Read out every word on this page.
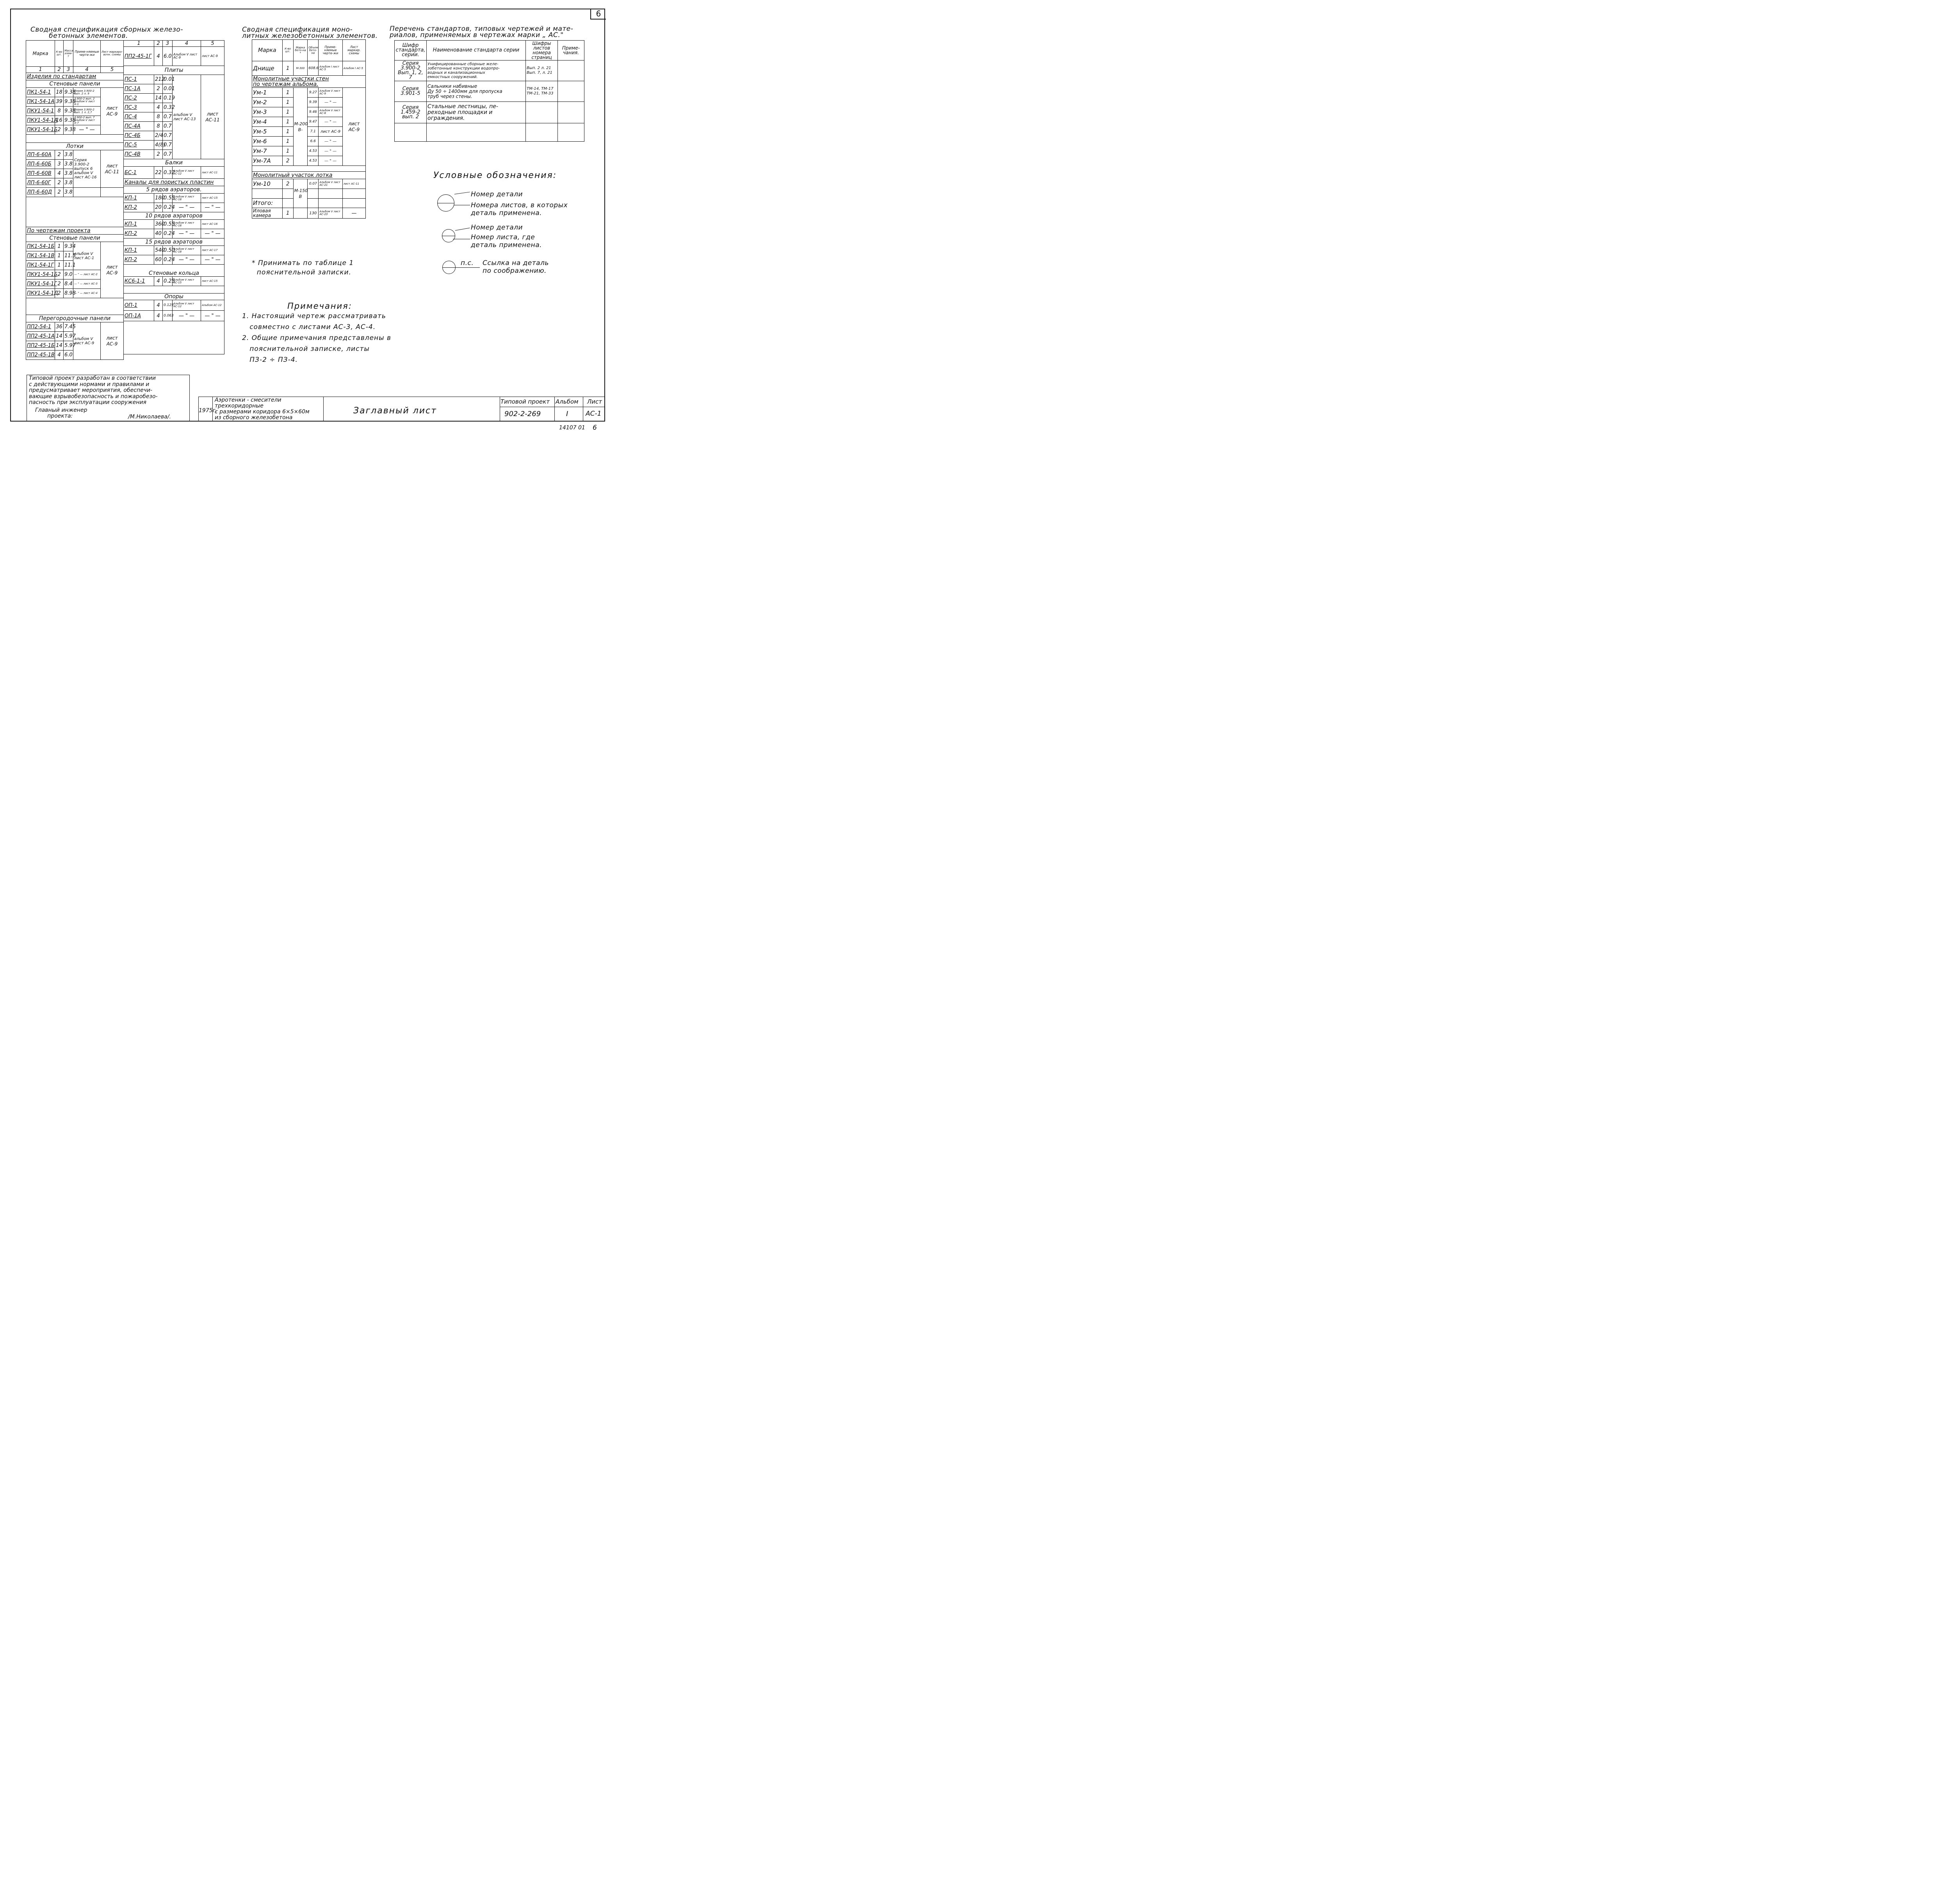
6
Сводная спецификация сборных железо-
бетонных элементов.
Марка	К-во шт.	Масса элем-т	Приме-няемые черте-жи	Лист маркиро-вочн. схемы
1	2	3	4	5
Изделия по стандартам				
Стеновые панели				
ПК1-54-1	18	9.38	Серия 3.900-2 вып. 2 л. 9	лист АС-9
ПК1-54-1А	39	9.38	3.900-2 вып. 2 альбом V лист А-1	
ПКУ1-54-1	8	9.38	Серия 3.900-2 вып. 1 л. 2,7	
ПКУ1-54-1А	16	9.38	3.900-2 вып. 7 альбом V лист А-7	
ПКУ1-54-1Б	2	9.38	— " —	

Лотки				
ЛП-6-60А	2	3.8	Серия 3.900-2 выпуск 6 альбом V лист АС-16	лист АС-11
ЛП-6-60Б	3	3.8		
ЛП-6-60В	4	3.8		
ЛП-6-60Г	2	3.8		
ЛП-6-60Д	2	3.8		

По чертежам проекта				
Стеновые панели				
ПК1-54-1Б	1	9.34	альбом V лист АС-1	лист АС-9
ПК1-54-1В	1	11.5		
ПК1-54-1Г	1	11.1		
ПКУ1-54-1Б	2	9.0	— " — лист АС-2	
ПКУ1-54-1Г	2	8.4	— " — лист АС-3	
ПКУ1-54-1Д	2	8.98	— " — лист АС-4	

Перегородочные панели				
ПП2-54-1	36	7.45	альбом V лист АС-9	лист АС-9
ПП2-45-1А	14	5.97		
ПП2-45-1Б	14	5.97		
ПП2-45-1В	4	6.0		
1	2	3	4	5
ПП2-45-1Г	4	6.0	Альбом V лист АС-9	лист АС-9
Плиты				
ПС-1	212	0.01	альбом V лист АС-13	лист АС-11
ПС-1А	2	0.01		
ПС-2	14	0.19		
ПС-3	4	0.32		
ПС-4	8	0.7		
ПС-4А	8	0.7		
ПС-4Б	2/4	0.7		
ПС-5	4(8)	0.7		
ПС-4В	2	0.7		
Балки				
БС-1	22	0.32	Альбом V лист АС-12	лист АС-11
Каналы для пористых пластин				
5 рядов аэраторов.				
КП-1	180	0.55	Альбом V лист АС-18	лист АС-15
КП-2	20	0.24	— " —	— " —
10 рядов аэраторов				
КП-1	360	0.55	Альбом V лист АС-18	лист АС-16
КП-2	40	0.24	— " —	— " —
15 рядов аэраторов				
КП-1	540	0.50	Альбом V лист АС-18	лист АС-17
КП-2	60	0.24	— " —	— " —
Стеновые кольца				
КС6-1-1	4	0.25	Альбом V лист АС-15	лист АС-15

Опоры				
ОП-1	4	0.125	Альбом V лист АС-12	Альбом АС-12
ОП-1А	4	0.063	— " —	— " —

Сводная спецификация моно-
литных железобетонных элементов.
Марка	К-во шт.	Марка бето-на *	Объем бето-на	Приме-няемые черте-жи	Лист маркир. схемы
Днище	1	М-300	608.6	Альбом I лист АС-5	Альбом I АС-5
Монолитные участки стен
по чертежам альбома.					
Ум-1	1	М-200 В-	9.27	Альбом V лист АС-9	лист АС-9
Ум-2	1		9.39	— " —	
Ум-3	1		9.46	Альбом V лист АС-8	
Ум-4	1		9.47	— " —	
Ум-5	1		7.1	лист АС-9	
Ум-6	1		6.6	— " —	
Ум-7	1		4.53	— " —	
Ум-7А	2		4.53	— " —	

Монолитный участок лотка					
Ум-10	2	М-150 В	0.07	Альбом V лист АС-21	лист АС-11

Итого:					
Иловая камера	1		130	Альбом V лист АС-23	—
* Принимать по таблице 1
пояснительной записки.
Перечень стандартов, типовых чертежей и мате-
риалов, применяемых в чертежах марки „ АС."
Шифр стандарта, серии.	Наименование стандарта серии	Шифры листов номера страниц	Приме-чания.
Серия 3.900-2 Вып. 1, 2, 7	Унифицированные сборные желе-
зобетонные конструкции водопро-
водных и канализационных
емкостных сооружений.	Вып. 2 л. 21
Вып. 7, л. 21	
Серия 3.901-5	Сальники набивные
Ду 50 ÷ 1400мм для пропуска
труб через стены.	ТМ-14, ТМ-17
ТМ-21, ТМ-33	
Серия 1.459-2 вып. 2	Стальные лестницы, пе-
реходные площадки и
ограждения.		

Условные обозначения:
Номер детали
Номера листов, в которых
деталь применена.
Номер детали
Номер листа, где
деталь применена.
п.с. Ссылка на деталь
по соображению.
Примечания:
1. Настоящий чертеж рассматривать
совместно с листами АС-3, АС-4.
2. Общие примечания представлены в
пояснительной записке, листы
ПЗ-2 ÷ ПЗ-4.
Типовой проект разработан в соответствии
с действующими нормами и правилами и
предусматривает мероприятия, обеспечи-
вающие взрывобезопасность и пожаробезо-
пасность при эксплуатации сооружения
Главный инженер
проекта:	/М.Николаева/.
1975г.
Аэротенки - смесители
трехкоридорные
с размерами коридора 6×5×60м
из сборного железобетона
Заглавный лист
Типовой проект
902-2-269
Альбом
I
Лист
АС-1
14107 01 6
